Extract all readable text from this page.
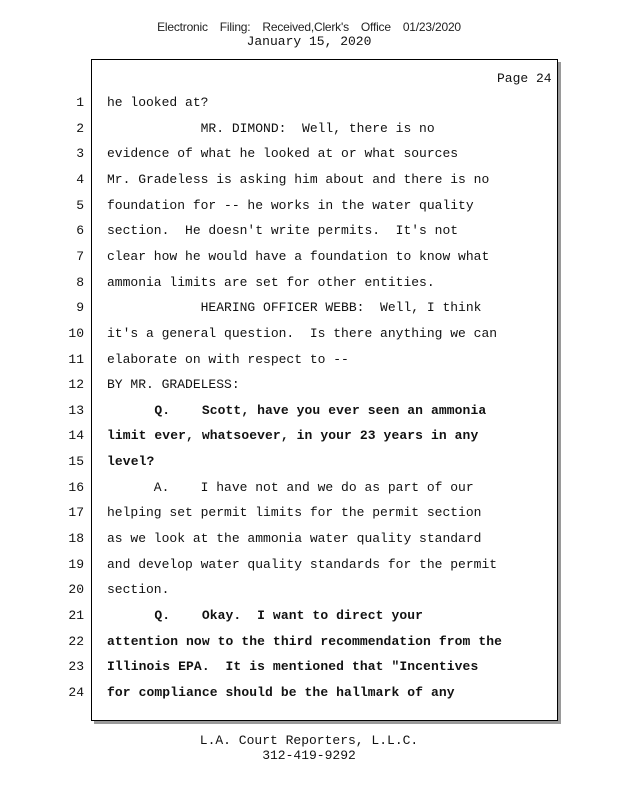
Electronic Filing: Received,Clerk's Office 01/23/2020
January 15, 2020
Page 24
1 he looked at?
2 MR. DIMOND:  Well, there is no
3 evidence of what he looked at or what sources
4 Mr. Gradeless is asking him about and there is no
5 foundation for -- he works in the water quality
6 section.  He doesn't write permits.  It's not
7 clear how he would have a foundation to know what
8 ammonia limits are set for other entities.
9 HEARING OFFICER WEBB:  Well, I think
10 it's a general question.  Is there anything we can
11 elaborate on with respect to --
12 BY MR. GRADELESS:
13 Q.    Scott, have you ever seen an ammonia
14 limit ever, whatsoever, in your 23 years in any
15 level?
16 A.    I have not and we do as part of our
17 helping set permit limits for the permit section
18 as we look at the ammonia water quality standard
19 and develop water quality standards for the permit
20 section.
21 Q.    Okay.  I want to direct your
22 attention now to the third recommendation from the
23 Illinois EPA.  It is mentioned that "Incentives
24 for compliance should be the hallmark of any
L.A. Court Reporters, L.L.C.
312-419-9292
